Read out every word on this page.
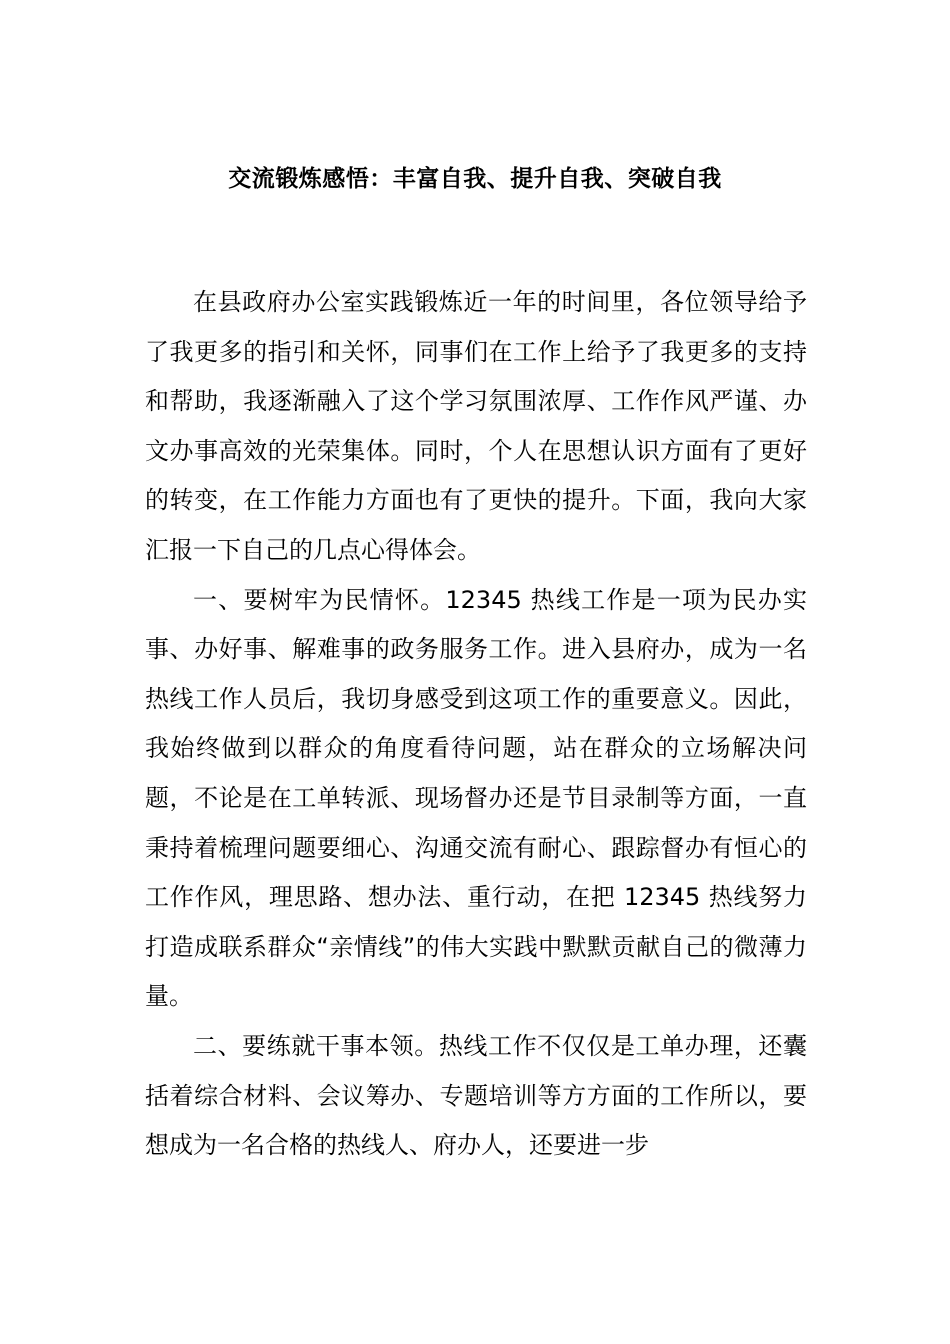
交流锻炼感悟：丰富自我、提升自我、突破自我

在县政府办公室实践锻炼近一年的时间里，各位领导给予了我更多的指引和关怀，同事们在工作上给予了我更多的支持和帮助，我逐渐融入了这个学习氛围浓厚、工作作风严谨、办文办事高效的光荣集体。同时，个人在思想认识方面有了更好的转变，在工作能力方面也有了更快的提升。下面，我向大家汇报一下自己的几点心得体会。

一、要树牢为民情怀。12345 热线工作是一项为民办实事、办好事、解难事的政务服务工作。进入县府办，成为一名热线工作人员后，我切身感受到这项工作的重要意义。因此，我始终做到以群众的角度看待问题，站在群众的立场解决问题，不论是在工单转派、现场督办还是节目录制等方面，一直秉持着梳理问题要细心、沟通交流有耐心、跟踪督办有恒心的工作作风，理思路、想办法、重行动，在把 12345 热线努力打造成联系群众“亲情线”的伟大实践中默默贡献自己的微薄力量。

二、要练就干事本领。热线工作不仅仅是工单办理，还囊括着综合材料、会议筹办、专题培训等方方面的工作所以，要想成为一名合格的热线人、府办人，还要进一步
